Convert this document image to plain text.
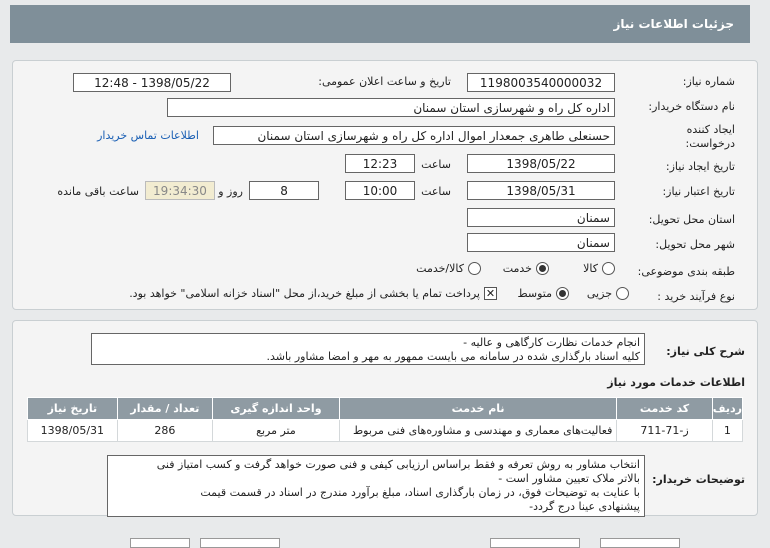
جزئیات اطلاعات نیاز
شماره نیاز:
1198003540000032
تاریخ و ساعت اعلان عمومی:
1398/05/22 - 12:48
نام دستگاه خریدار:
اداره کل راه و شهرسازی استان سمنان
ایجاد کننده درخواست:
حسنعلی طاهری جمعدار اموال اداره کل راه و شهرسازی استان سمنان
اطلاعات تماس خریدار
تاریخ ایجاد نیاز:
1398/05/22
ساعت
12:23
تاریخ اعتبار نیاز:
1398/05/31
ساعت
10:00
8
روز و
19:34:30
ساعت باقی مانده
استان محل تحویل:
سمنان
شهر محل تحویل:
سمنان
طبقه بندی موضوعی:
کالا
خدمت
کالا/خدمت
نوع فرآیند خرید :
جزیی
متوسط
✕
پرداخت تمام یا بخشی از مبلغ خرید،از محل "اسناد خزانه اسلامی" خواهد بود.
شرح کلی نیاز:
انجام خدمات نظارت کارگاهی و عالیه -
کلیه اسناد بارگذاری شده در سامانه می بایست ممهور به مهر و امضا مشاور باشد.
اطلاعات خدمات مورد نیاز
ردیف	کد خدمت	نام خدمت	واحد اندازه گیری	تعداد / مقدار	تاریخ نیاز
1	ز-71-711	فعالیت‌های معماری و مهندسی و مشاوره‌های فنی مربوط	متر مربع	286	1398/05/31
توضیحات خریدار:
انتخاب مشاور به روش تعرفه و فقط براساس ارزیابی کیفی و فنی صورت خواهد گرفت و کسب امتیاز فنی
بالاتر ملاک تعیین مشاور است -
با عنایت به توضیحات فوق، در زمان بارگذاری اسناد، مبلغ برآورد مندرج در اسناد در قسمت قیمت
پیشنهادی عینا درج گردد-
